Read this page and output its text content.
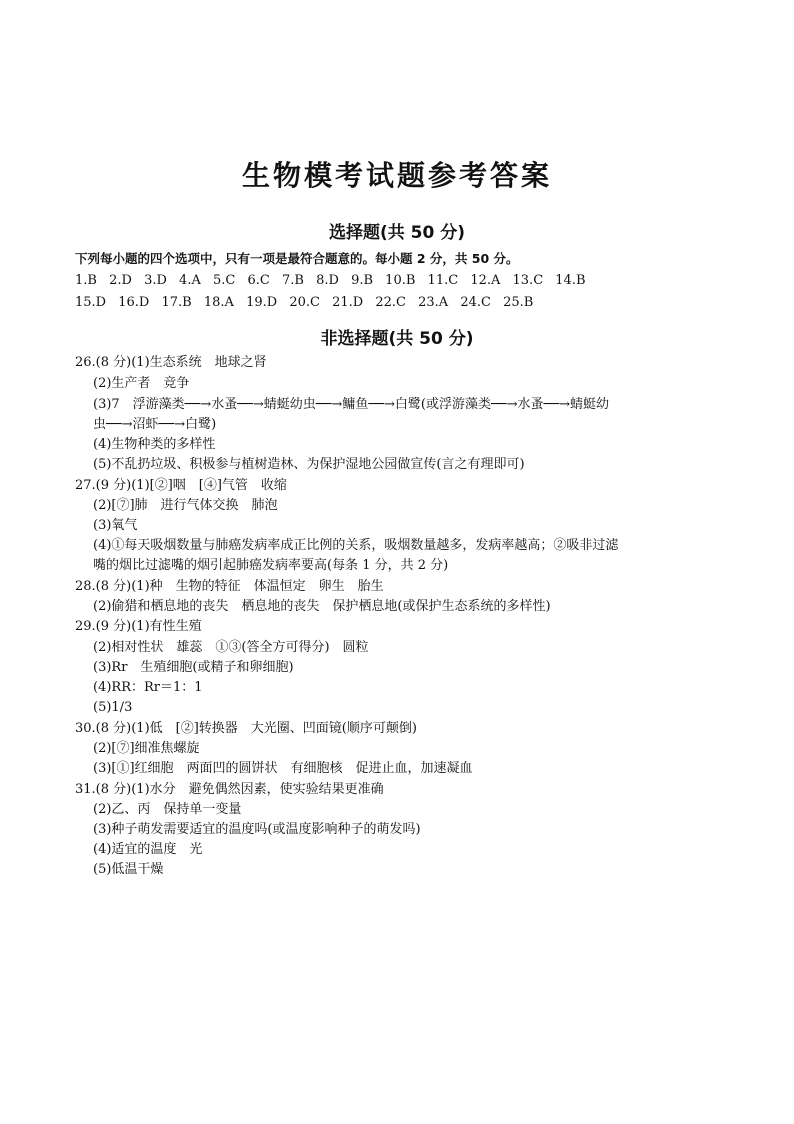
生物模考试题参考答案
选择题(共 50 分)
下列每小题的四个选项中，只有一项是最符合题意的。每小题 2 分，共 50 分。
1.B 2.D 3.D 4.A 5.C 6.C 7.B 8.D 9.B 10.B 11.C 12.A 13.C 14.B
15.D 16.D 17.B 18.A 19.D 20.C 21.D 22.C 23.A 24.C 25.B
非选择题(共 50 分)
26.(8 分)(1)生态系统　地球之肾
(2)生产者　竞争
(3)7　浮游藻类──→水蚤──→蜻蜓幼虫──→鳙鱼──→白鹭(或浮游藻类──→水蚤──→蜻蜓幼
虫──→沼虾──→白鹭)
(4)生物种类的多样性
(5)不乱扔垃圾、积极参与植树造林、为保护湿地公园做宣传(言之有理即可)
27.(9 分)(1)[②]咽　[④]气管　收缩
(2)[⑦]肺　进行气体交换　肺泡
(3)氧气
(4)①每天吸烟数量与肺癌发病率成正比例的关系，吸烟数量越多，发病率越高；②吸非过滤
嘴的烟比过滤嘴的烟引起肺癌发病率要高(每条 1 分，共 2 分)
28.(8 分)(1)种　生物的特征　体温恒定　卵生　胎生
(2)偷猎和栖息地的丧失　栖息地的丧失　保护栖息地(或保护生态系统的多样性)
29.(9 分)(1)有性生殖
(2)相对性状　雄蕊　①③(答全方可得分)　圆粒
(3)Rr　生殖细胞(或精子和卵细胞)
(4)RR：Rr＝1：1
(5)1/3
30.(8 分)(1)低　[②]转换器　大光圈、凹面镜(顺序可颠倒)
(2)[⑦]细准焦螺旋
(3)[①]红细胞　两面凹的圆饼状　有细胞核　促进止血，加速凝血
31.(8 分)(1)水分　避免偶然因素，使实验结果更准确
(2)乙、丙　保持单一变量
(3)种子萌发需要适宜的温度吗(或温度影响种子的萌发吗)
(4)适宜的温度　光
(5)低温干燥
